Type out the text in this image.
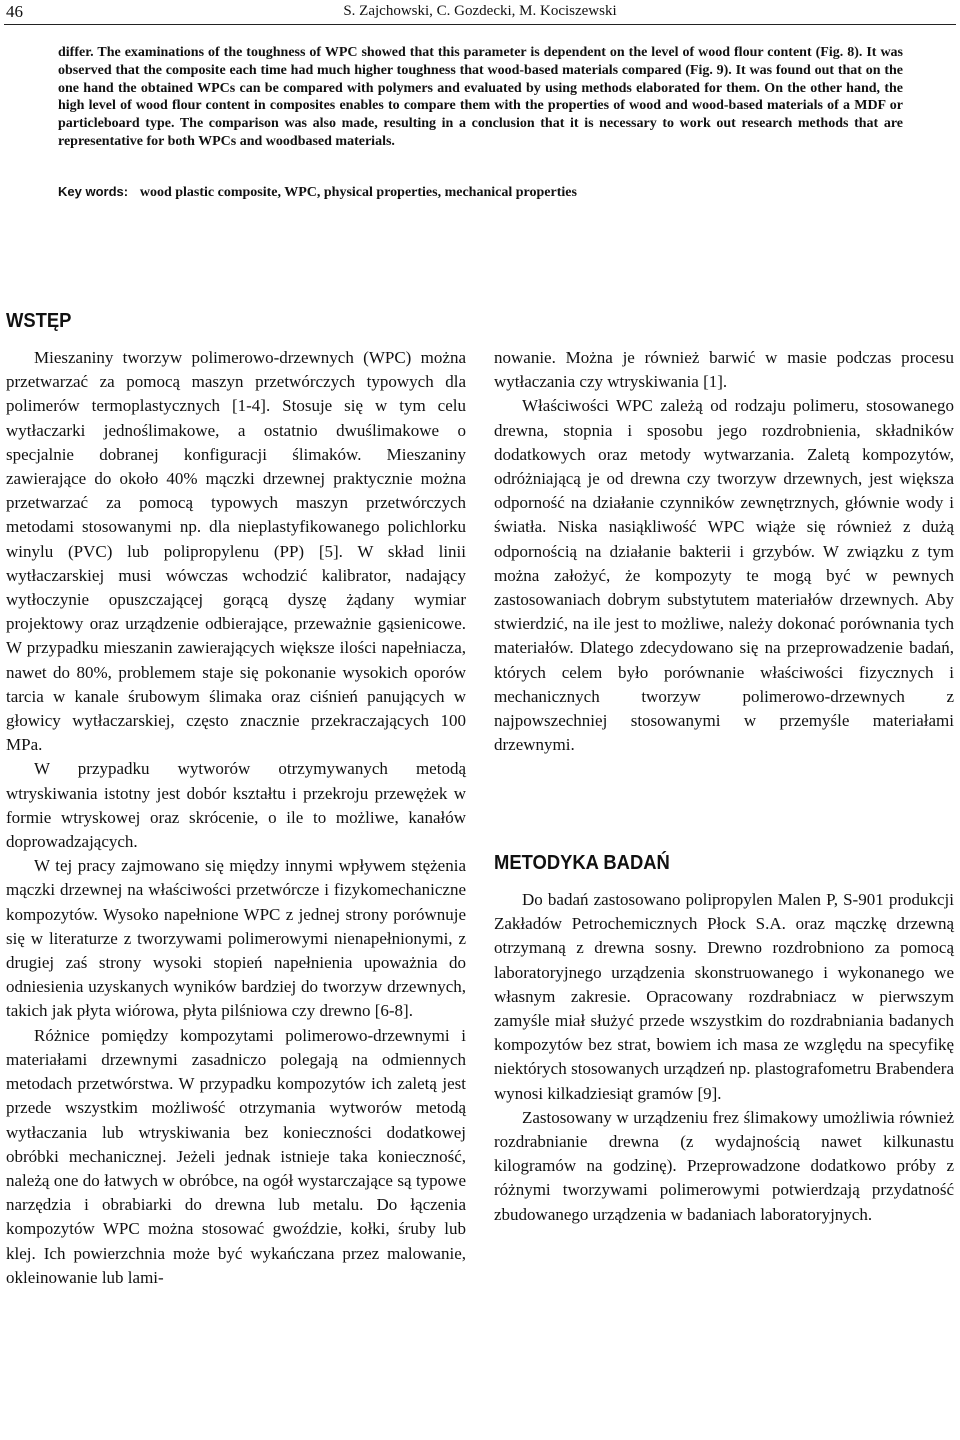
46	S. Zajchowski, C. Gozdecki, M. Kociszewski

differ. The examinations of the toughness of WPC showed that this parameter is dependent on the level of wood flour content (Fig. 8). It was observed that the composite each time had much higher toughness that wood-based materials compared (Fig. 9). It was found out that on the one hand the obtained WPCs can be compared with polymers and evaluated by using methods elaborated for them. On the other hand, the high level of wood flour content in composites enables to compare them with the properties of wood and wood-based materials of a MDF or particleboard type. The comparison was also made, resulting in a conclusion that it is necessary to work out research methods that are representative for both WPCs and woodbased materials.

Key words: wood plastic composite, WPC, physical properties, mechanical properties
WSTĘP

Mieszaniny tworzyw polimerowo-drzewnych (WPC) można przetwarzać za pomocą maszyn przetwórczych typowych dla polimerów termoplastycznych [1-4]. Stosuje się w tym celu wytłaczarki jednoślimakowe, a ostatnio dwuślimakowe o specjalnie dobranej konfiguracji ślimaków. Mieszaniny zawierające do około 40% mączki drzewnej praktycznie można przetwarzać za pomocą typowych maszyn przetwórczych metodami stosowanymi np. dla nieplastyfikowanego polichlorku winylu (PVC) lub polipropylenu (PP) [5]. W skład linii wytłaczarskiej musi wówczas wchodzić kalibrator, nadający wytłoczynie opuszczającej gorącą dyszę żądany wymiar projektowy oraz urządzenie odbierające, przeważnie gąsienicowe. W przypadku mieszanin zawierających większe ilości napełniacza, nawet do 80%, problemem staje się pokonanie wysokich oporów tarcia w kanale śrubowym ślimaka oraz ciśnień panujących w głowicy wytłaczarskiej, często znacznie przekraczających 100 MPa.

W przypadku wytworów otrzymywanych metodą wtryskiwania istotny jest dobór kształtu i przekroju przewężek w formie wtryskowej oraz skrócenie, o ile to możliwe, kanałów doprowadzających.

W tej pracy zajmowano się między innymi wpływem stężenia mączki drzewnej na właściwości przetwórcze i fizykomechaniczne kompozytów. Wysoko napełnione WPC z jednej strony porównuje się w literaturze z tworzywami polimerowymi nienapełnionymi, z drugiej zaś strony wysoki stopień napełnienia upoważnia do odniesienia uzyskanych wyników bardziej do tworzyw drzewnych, takich jak płyta wiórowa, płyta pilśniowa czy drewno [6-8].

Różnice pomiędzy kompozytami polimerowo-drzewnymi i materiałami drzewnymi zasadniczo polegają na odmiennych metodach przetwórstwa. W przypadku kompozytów ich zaletą jest przede wszystkim możliwość otrzymania wytworów metodą wytłaczania lub wtryskiwania bez konieczności dodatkowej obróbki mechanicznej. Jeżeli jednak istnieje taka konieczność, należą one do łatwych w obróbce, na ogół wystarczające są typowe narzędzia i obrabiarki do drewna lub metalu. Do łączenia kompozytów WPC można stosować gwoździe, kołki, śruby lub klej. Ich powierzchnia może być wykańczana przez malowanie, okleinowanie lub lami-

nowanie. Można je również barwić w masie podczas procesu wytłaczania czy wtryskiwania [1].

Właściwości WPC zależą od rodzaju polimeru, stosowanego drewna, stopnia i sposobu jego rozdrobnienia, składników dodatkowych oraz metody wytwarzania. Zaletą kompozytów, odróżniającą je od drewna czy tworzyw drzewnych, jest większa odporność na działanie czynników zewnętrznych, głównie wody i światła. Niska nasiąkliwość WPC wiąże się również z dużą odpornością na działanie bakterii i grzybów. W związku z tym można założyć, że kompozyty te mogą być w pewnych zastosowaniach dobrym substytutem materiałów drzewnych. Aby stwierdzić, na ile jest to możliwe, należy dokonać porównania tych materiałów. Dlatego zdecydowano się na przeprowadzenie badań, których celem było porównanie właściwości fizycznych i mechanicznych tworzyw polimerowo-drzewnych z najpowszechniej stosowanymi w przemyśle materiałami drzewnymi.

METODYKA BADAŃ

Do badań zastosowano polipropylen Malen P, S-901 produkcji Zakładów Petrochemicznych Płock S.A. oraz mączkę drzewną otrzymaną z drewna sosny. Drewno rozdrobniono za pomocą laboratoryjnego urządzenia skonstruowanego i wykonanego we własnym zakresie. Opracowany rozdrabniacz w pierwszym zamyśle miał służyć przede wszystkim do rozdrabniania badanych kompozytów bez strat, bowiem ich masa ze względu na specyfikę niektórych stosowanych urządzeń np. plastografometru Brabendera wynosi kilkadziesiąt gramów [9].

Zastosowany w urządzeniu frez ślimakowy umożliwia również rozdrabnianie drewna (z wydajnością nawet kilkunastu kilogramów na godzinę). Przeprowadzone dodatkowo próby z różnymi tworzywami polimerowymi potwierdzają przydatność zbudowanego urządzenia w badaniach laboratoryjnych.
